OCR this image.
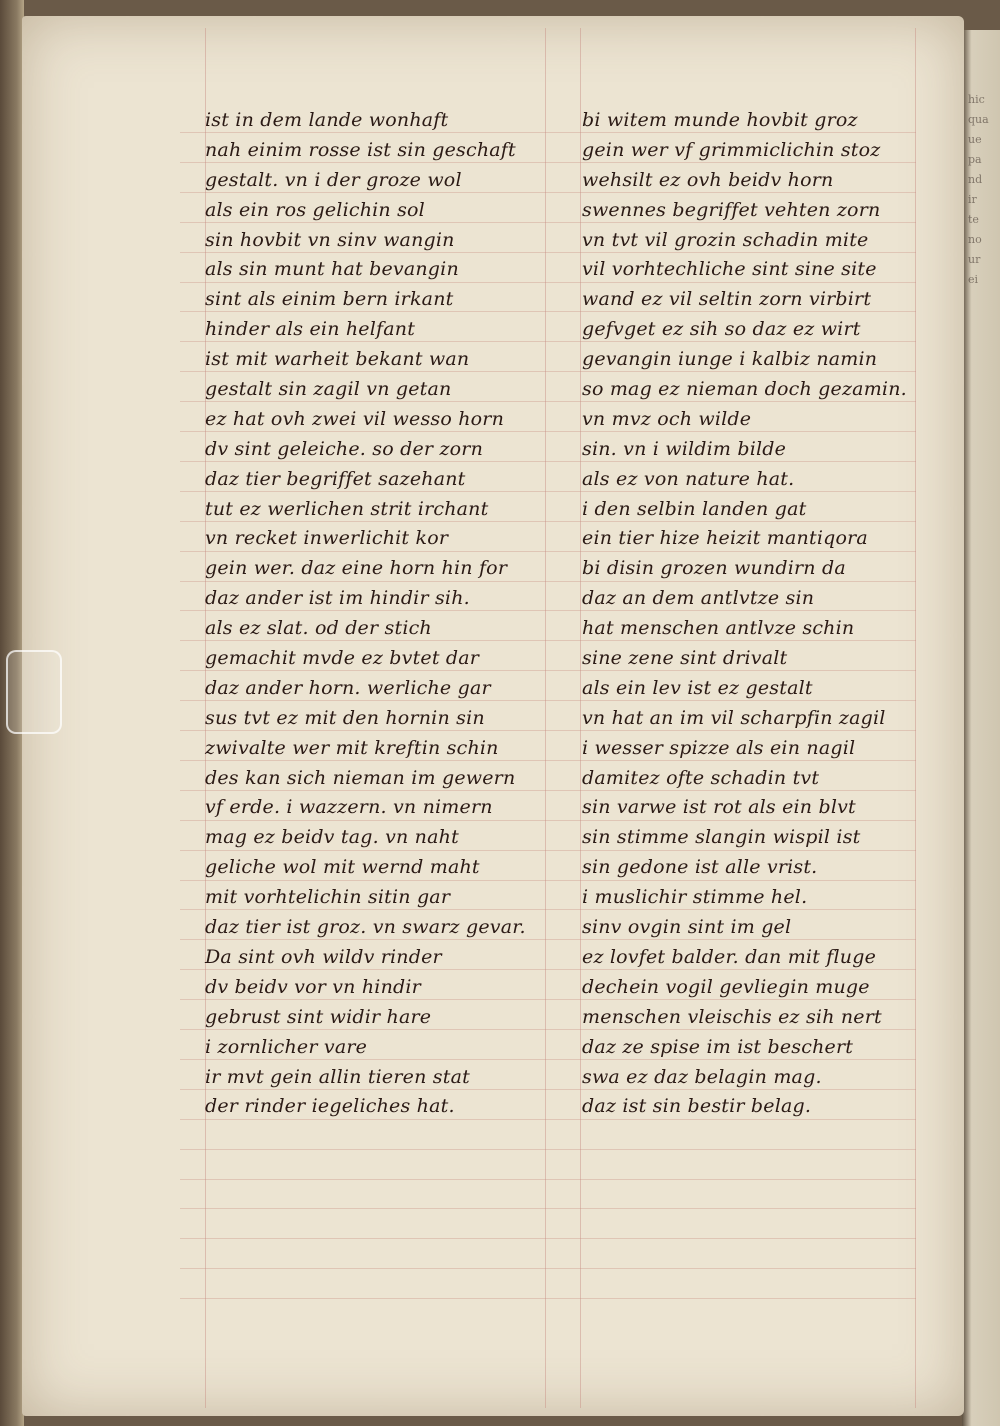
hic
qua
ue
pa
nd
ir
te
no
ur
ei
ist in dem lande wonhaft
nah einim rosse ist sin geschaft
gestalt. vn i der groze wol
als ein ros gelichin sol
sin hovbit vn sinv wangin
als sin munt hat bevangin
sint als einim bern irkant
hinder als ein helfant
ist mit warheit bekant wan
gestalt sin zagil vn getan
ez hat ovh zwei vil wesso horn
dv sint geleiche. so der zorn
daz tier begriffet sazehant
tut ez werlichen strit irchant
vn recket inwerlichit kor
gein wer. daz eine horn hin for
daz ander ist im hindir sih.
als ez slat. od der stich
gemachit mvde ez bvtet dar
daz ander horn. werliche gar
sus tvt ez mit den hornin sin
zwivalte wer mit kreftin schin
des kan sich nieman im gewern
vf erde. i wazzern. vn nimern
mag ez beidv tag. vn naht
geliche wol mit wernd maht
mit vorhtelichin sitin gar
daz tier ist groz. vn swarz gevar.
Da sint ovh wildv rinder
dv beidv vor vn hindir
gebrust sint widir hare
i zornlicher vare
ir mvt gein allin tieren stat
der rinder iegeliches hat.
bi witem munde hovbit groz
gein wer vf grimmiclichin stoz
wehsilt ez ovh beidv horn
swennes begriffet vehten zorn
vn tvt vil grozin schadin mite
vil vorhtechliche sint sine site
wand ez vil seltin zorn virbirt
gefvget ez sih so daz ez wirt
gevangin iunge i kalbiz namin
so mag ez nieman doch gezamin.
vn mvz och wilde
sin. vn i wildim bilde
als ez von nature hat.
i den selbin landen gat
ein tier hize heizit mantiqora
bi disin grozen wundirn da
daz an dem antlvtze sin
hat menschen antlvze schin
sine zene sint drivalt
als ein lev ist ez gestalt
vn hat an im vil scharpfin zagil
i wesser spizze als ein nagil
damitez ofte schadin tvt
sin varwe ist rot als ein blvt
sin stimme slangin wispil ist
sin gedone ist alle vrist.
i muslichir stimme hel.
sinv ovgin sint im gel
ez lovfet balder. dan mit fluge
dechein vogil gevliegin muge
menschen vleischis ez sih nert
daz ze spise im ist beschert
swa ez daz belagin mag.
daz ist sin bestir belag.
